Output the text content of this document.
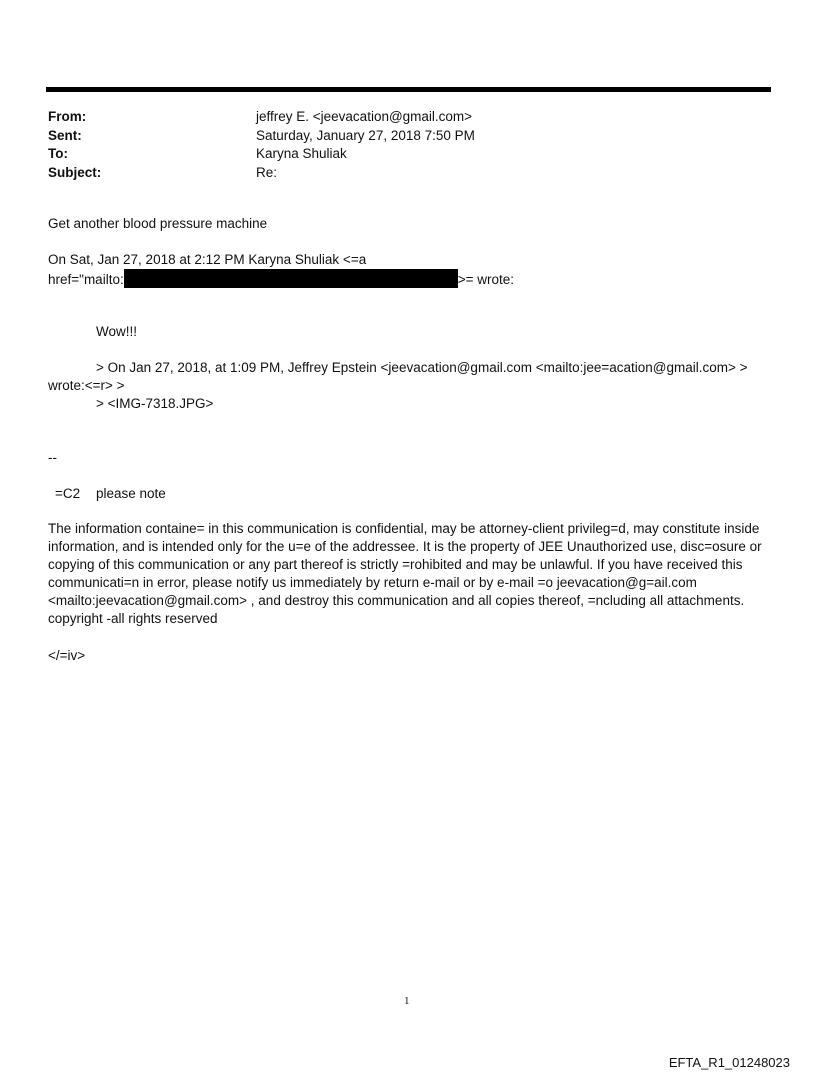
From:	jeffrey E. <jeevacation@gmail.com>
Sent:	Saturday, January 27, 2018 7:50 PM
To:	Karyna Shuliak
Subject:	Re:
Get another blood pressure machine
On Sat, Jan 27, 2018 at 2:12 PM Karyna Shuliak <=a
href="mailto:	>= wrote:
Wow!!!
> On Jan 27, 2018, at 1:09 PM, Jeffrey Epstein <jeevacation@gmail.com <mailto:jee=acation@gmail.com> >
wrote:<=r> >
> <IMG-7318.JPG>
--
=C2 please note
The information containe= in this communication is confidential, may be attorney-client privileg=d, may constitute inside information, and is intended only for the u=e of the addressee. It is the property of JEE Unauthorized use, disc=osure or copying of this communication or any part thereof is strictly =rohibited and may be unlawful. If you have received this communicati=n in error, please notify us immediately by return e-mail or by e-mail =o jeevacation@g=ail.com <mailto:jeevacation@gmail.com> , and destroy this communication and all copies thereof, =ncluding all attachments. copyright -all rights reserved
</=iv>
1
EFTA_R1_01248023
